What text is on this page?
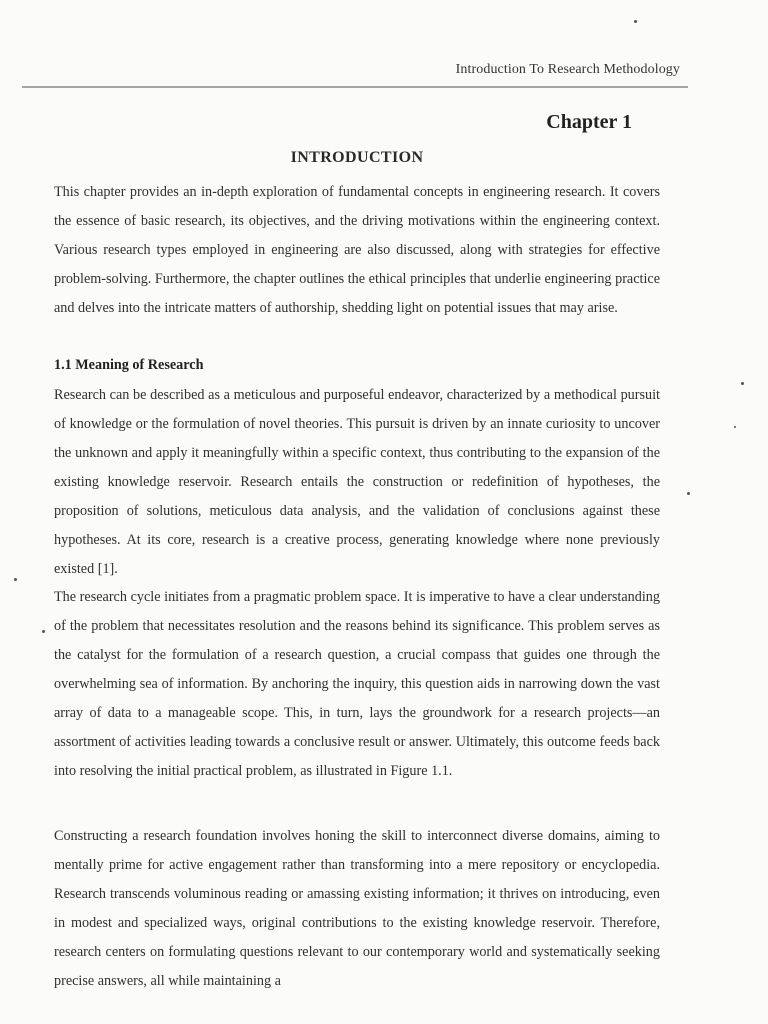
Introduction To Research Methodology
Chapter 1
INTRODUCTION
This chapter provides an in-depth exploration of fundamental concepts in engineering research. It covers the essence of basic research, its objectives, and the driving motivations within the engineering context. Various research types employed in engineering are also discussed, along with strategies for effective problem-solving. Furthermore, the chapter outlines the ethical principles that underlie engineering practice and delves into the intricate matters of authorship, shedding light on potential issues that may arise.
1.1 Meaning of Research
Research can be described as a meticulous and purposeful endeavor, characterized by a methodical pursuit of knowledge or the formulation of novel theories. This pursuit is driven by an innate curiosity to uncover the unknown and apply it meaningfully within a specific context, thus contributing to the expansion of the existing knowledge reservoir. Research entails the construction or redefinition of hypotheses, the proposition of solutions, meticulous data analysis, and the validation of conclusions against these hypotheses. At its core, research is a creative process, generating knowledge where none previously existed [1].
The research cycle initiates from a pragmatic problem space. It is imperative to have a clear understanding of the problem that necessitates resolution and the reasons behind its significance. This problem serves as the catalyst for the formulation of a research question, a crucial compass that guides one through the overwhelming sea of information. By anchoring the inquiry, this question aids in narrowing down the vast array of data to a manageable scope. This, in turn, lays the groundwork for a research projects—an assortment of activities leading towards a conclusive result or answer. Ultimately, this outcome feeds back into resolving the initial practical problem, as illustrated in Figure 1.1.
Constructing a research foundation involves honing the skill to interconnect diverse domains, aiming to mentally prime for active engagement rather than transforming into a mere repository or encyclopedia. Research transcends voluminous reading or amassing existing information; it thrives on introducing, even in modest and specialized ways, original contributions to the existing knowledge reservoir. Therefore, research centers on formulating questions relevant to our contemporary world and systematically seeking precise answers, all while maintaining a
